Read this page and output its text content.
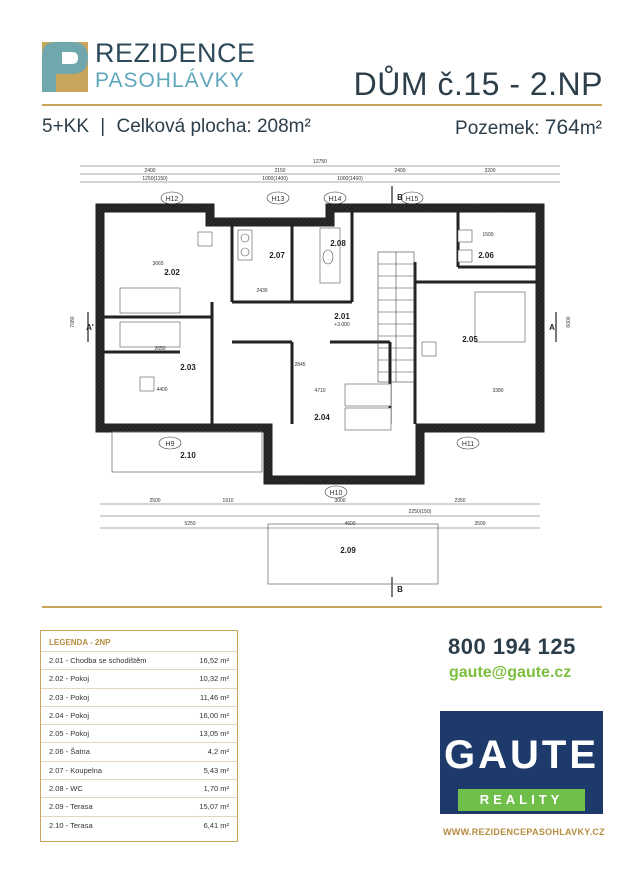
REZIDENCE
PASOHLÁVKY	DŮM č.15 - 2.NP
5+KK | Celková plocha: 208m²	Pozemek: 764m²
12750
2400	2150	2400	3200
1250(1150)	1000(1400)	1000(1400)
H12	H13	H14	H15
H9
H10
H11
A'	A'
B
B
2500	1910	3000	2350
2250(150)
5250	4600	3500
7080	6000
3665
2430
4400	4710	3380
2650
1500
2845
+3.000
2.02
2.07
2.08
2.06
2.01
2.05
2.03
2.04
2.10
2.09
LEGENDA - 2NP
2.01 - Chodba se schodištěm	16,52 m²
2.02 - Pokoj	10,32 m²
2.03 - Pokoj	11,46 m²
2.04 - Pokoj	16,00 m²
2.05 - Pokoj	13,05 m²
2.06 - Šatna	4,2 m²
2.07 - Koupelna	5,43 m²
2.08 - WC	1,70 m²
2.09 - Terasa	15,07 m²
2.10 - Terasa	6,41 m²
800 194 125
gaute@gaute.cz
GAUTE
REALITY
WWW.REZIDENCEPASOHLAVKY.CZ
